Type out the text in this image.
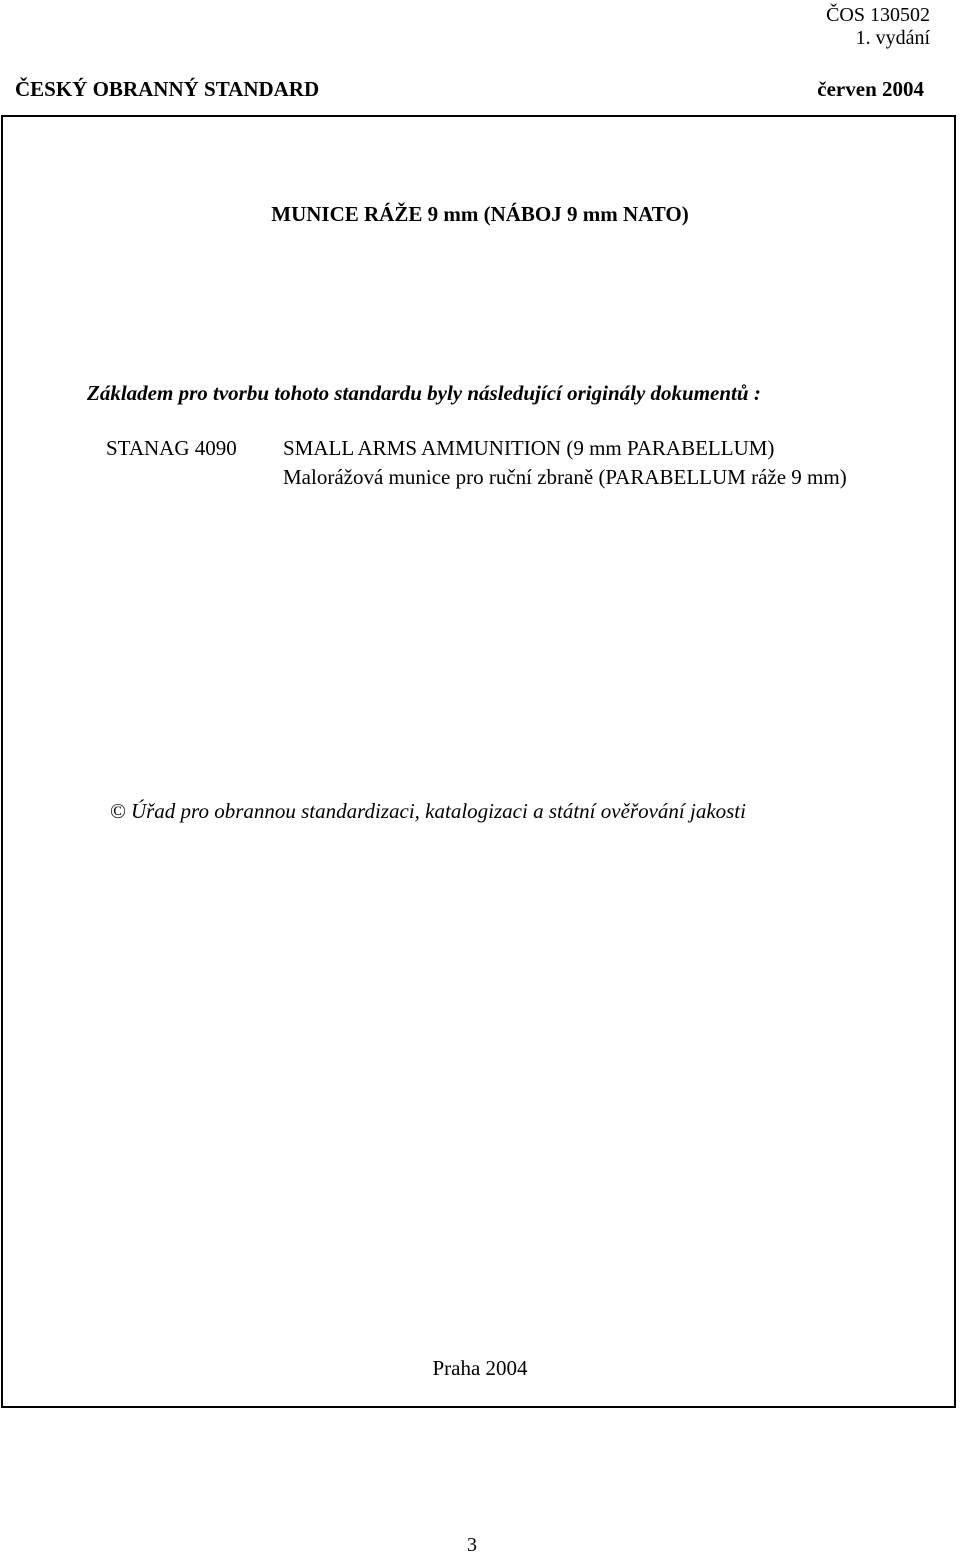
ČOS 130502
1. vydání
ČESKÝ OBRANNÝ STANDARD	červen 2004
MUNICE RÁŽE 9 mm (NÁBOJ 9 mm NATO)
Základem pro tvorbu tohoto standardu byly následující originály dokumentů :
STANAG 4090 SMALL ARMS AMMUNITION (9 mm PARABELLUM)
Malorážová munice pro ruční zbraně (PARABELLUM ráže 9 mm)
© Úřad pro obrannou standardizaci, katalogizaci a státní ověřování jakosti
Praha 2004
3
